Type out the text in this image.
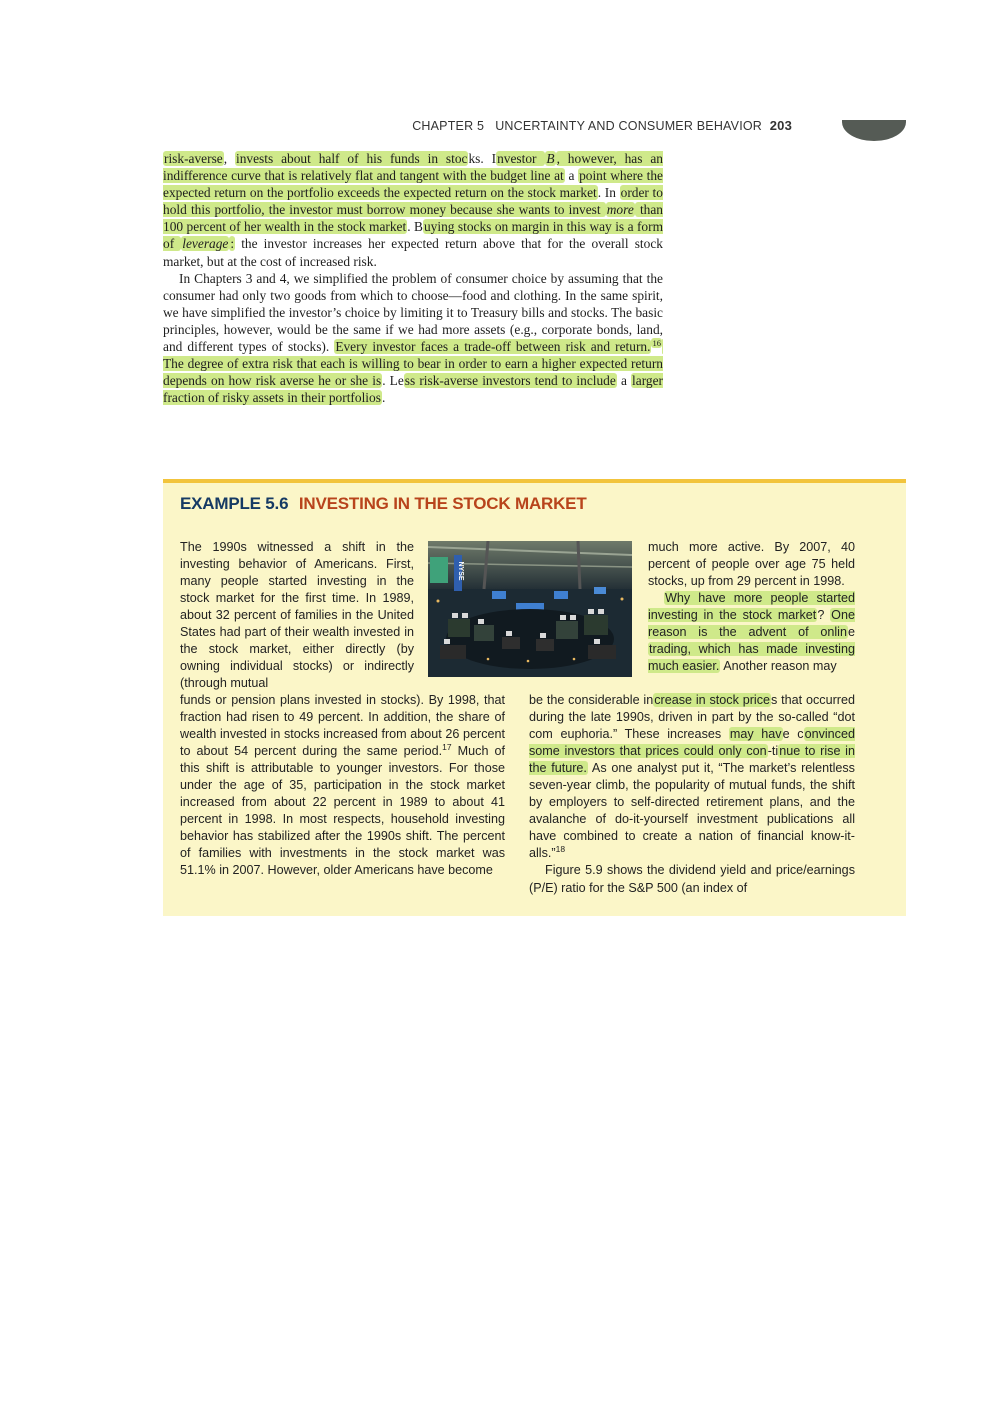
CHAPTER 5 UNCERTAINTY AND CONSUMER BEHAVIOR 203

risk-averse, invests about half of his funds in stocks. Investor B , however, has an indifference curve that is relatively flat and tangent with the budget line at a point where the expected return on the portfolio exceeds the expected return on the stock market. In order to hold this portfolio, the investor must borrow money because she wants to invest more than 100 percent of her wealth in the stock market. Buying stocks on margin in this way is a form of leverage : the investor increases her expected return above that for the overall stock market, but at the cost of increased risk.

In Chapters 3 and 4, we simplified the problem of consumer choice by assuming that the consumer had only two goods from which to choose—food and clothing. In the same spirit, we have simplified the investor’s choice by limiting it to Treasury bills and stocks. The basic principles, however, would be the same if we had more assets (e.g., corporate bonds, land, and different types of stocks). Every investor faces a trade-off between risk and return. $^{16}$ The degree of extra risk that each is willing to bear in order to earn a higher expected return depends on how risk averse he or she is. Less risk-averse investors tend to include a larger fraction of risky assets in their portfolios.

EXAMPLE 5.6 INVESTING IN THE STOCK MARKET

The 1990s witnessed a shift in the investing behavior of Americans. First, many people started investing in the stock market for the first time. In 1989, about 32 percent of families in the United States had part of their wealth invested in the stock market, either directly (by owning individual stocks) or indirectly (through mutual

funds or pension plans invested in stocks). By 1998, that fraction had risen to 49 percent. In addition, the share of wealth invested in stocks increased from about 26 percent to about 54 percent during the same period.$^{17}$ Much of this shift is attributable to younger investors. For those under the age of 35, participation in the stock market increased from about 22 percent in 1989 to about 41 percent in 1998. In most respects, household investing behavior has stabilized after the 1990s shift. The percent of families with investments in the stock market was 51.1% in 2007. However, older Americans have become

much more active. By 2007, 40 percent of people over age 75 held stocks, up from 29 percent in 1998.

Why have more people started investing in the stock market? One reason is the advent of online trading, which has made investing much easier. Another reason may

be the considerable increase in stock prices that occurred during the late 1990s, driven in part by the so-called “dot com euphoria.” These increases may have convinced some investors that prices could only con-tinue to rise in the future. As one analyst put it, “The market’s relentless seven-year climb, the popularity of mutual funds, the shift by employers to self-directed retirement plans, and the avalanche of do-it-yourself investment publications all have combined to create a nation of financial know-it-alls.”$^{18}$

Figure 5.9 shows the dividend yield and price/earnings (P/E) ratio for the S&P 500 (an index of

NYSE
